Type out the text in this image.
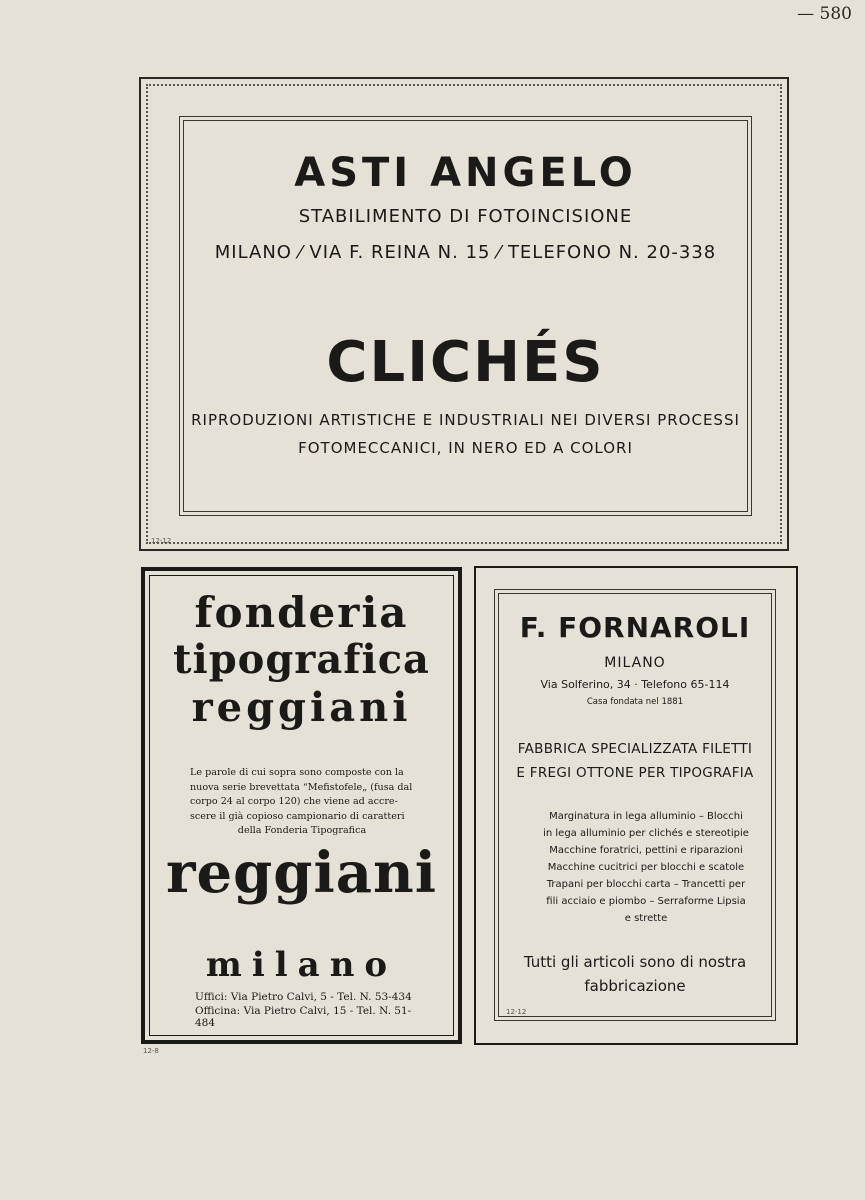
— 580
ASTI ANGELO
STABILIMENTO DI FOTOINCISIONE
MILANO ⁄ VIA F. REINA N. 15 ⁄ TELEFONO N. 20-338
CLICHÉS
RIPRODUZIONI ARTISTICHE E INDUSTRIALI NEI DIVERSI PROCESSI
FOTOMECCANICI, IN NERO ED A COLORI
12-12
fonderia
tipografica
reggiani
Le parole di cui sopra sono composte con la
nuova serie brevettata “Mefistofele„ (fusa dal
corpo 24 al corpo 120) che viene ad accre-
scere il già copioso campionario di caratteri
della Fonderia Tipografica
reggiani
milano
Uffici: Via Pietro Calvi, 5 - Tel. N. 53-434
Officina: Via Pietro Calvi, 15 - Tel. N. 51-484
12-8
F. FORNAROLI
MILANO
Via Solferino, 34 · Telefono 65-114
Casa fondata nel 1881
FABBRICA SPECIALIZZATA FILETTI
E FREGI OTTONE PER TIPOGRAFIA
Marginatura in lega alluminio – Blocchi
in lega alluminio per clichés e stereotipie
Macchine foratrici, pettini e riparazioni
Macchine cucitrici per blocchi e scatole
Trapani per blocchi carta – Trancetti per
fili acciaio e piombo – Serraforme Lipsia
e strette
Tutti gli articoli sono di nostra
fabbricazione
12-12
